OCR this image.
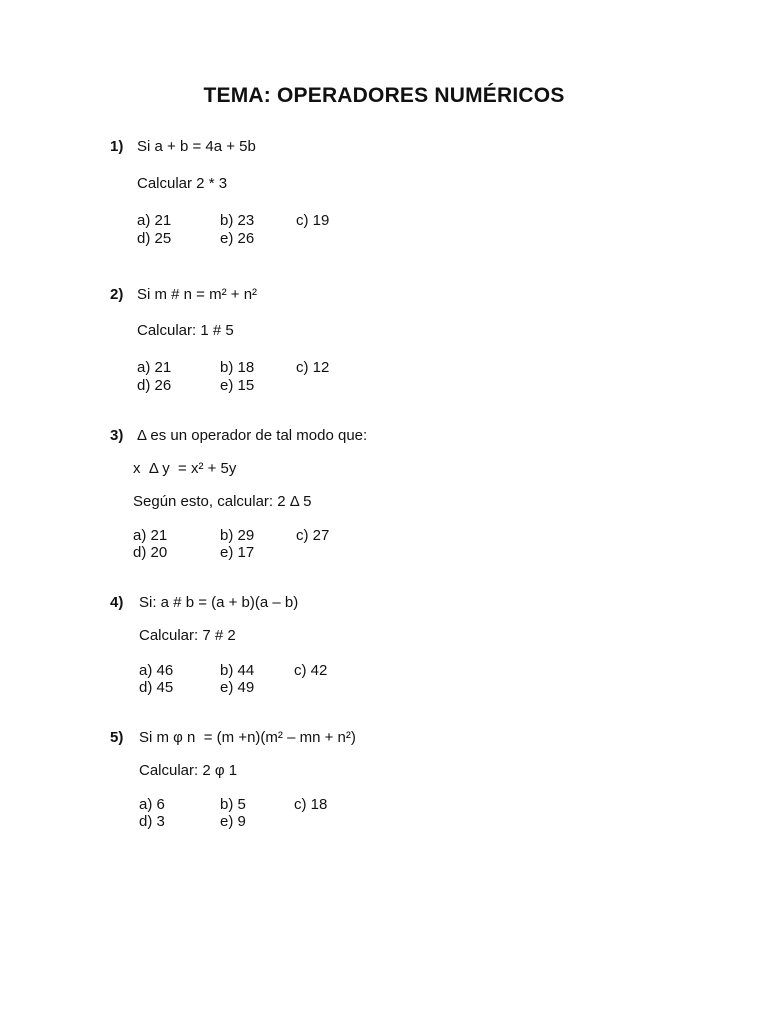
TEMA: OPERADORES NUMÉRICOS
1) Si a + b = 4a + 5b
Calcular 2 * 3
a) 21	b) 23	c) 19
d) 25	e) 26
2) Si m # n = m² + n²
Calcular: 1 # 5
a) 21	b) 18	c) 12
d) 26	e) 15
3) Δ es un operador de tal modo que:
x  Δ y  = x² + 5y
Según esto, calcular: 2 Δ 5
a) 21	b) 29	c) 27
d) 20	e) 17
4) Si: a # b = (a + b)(a – b)
Calcular: 7 # 2
a) 46	b) 44	c) 42
d) 45	e) 49
5) Si m φ n  = (m +n)(m² – mn + n²)
Calcular: 2 φ 1
a) 6	b) 5	c) 18
d) 3	e) 9
